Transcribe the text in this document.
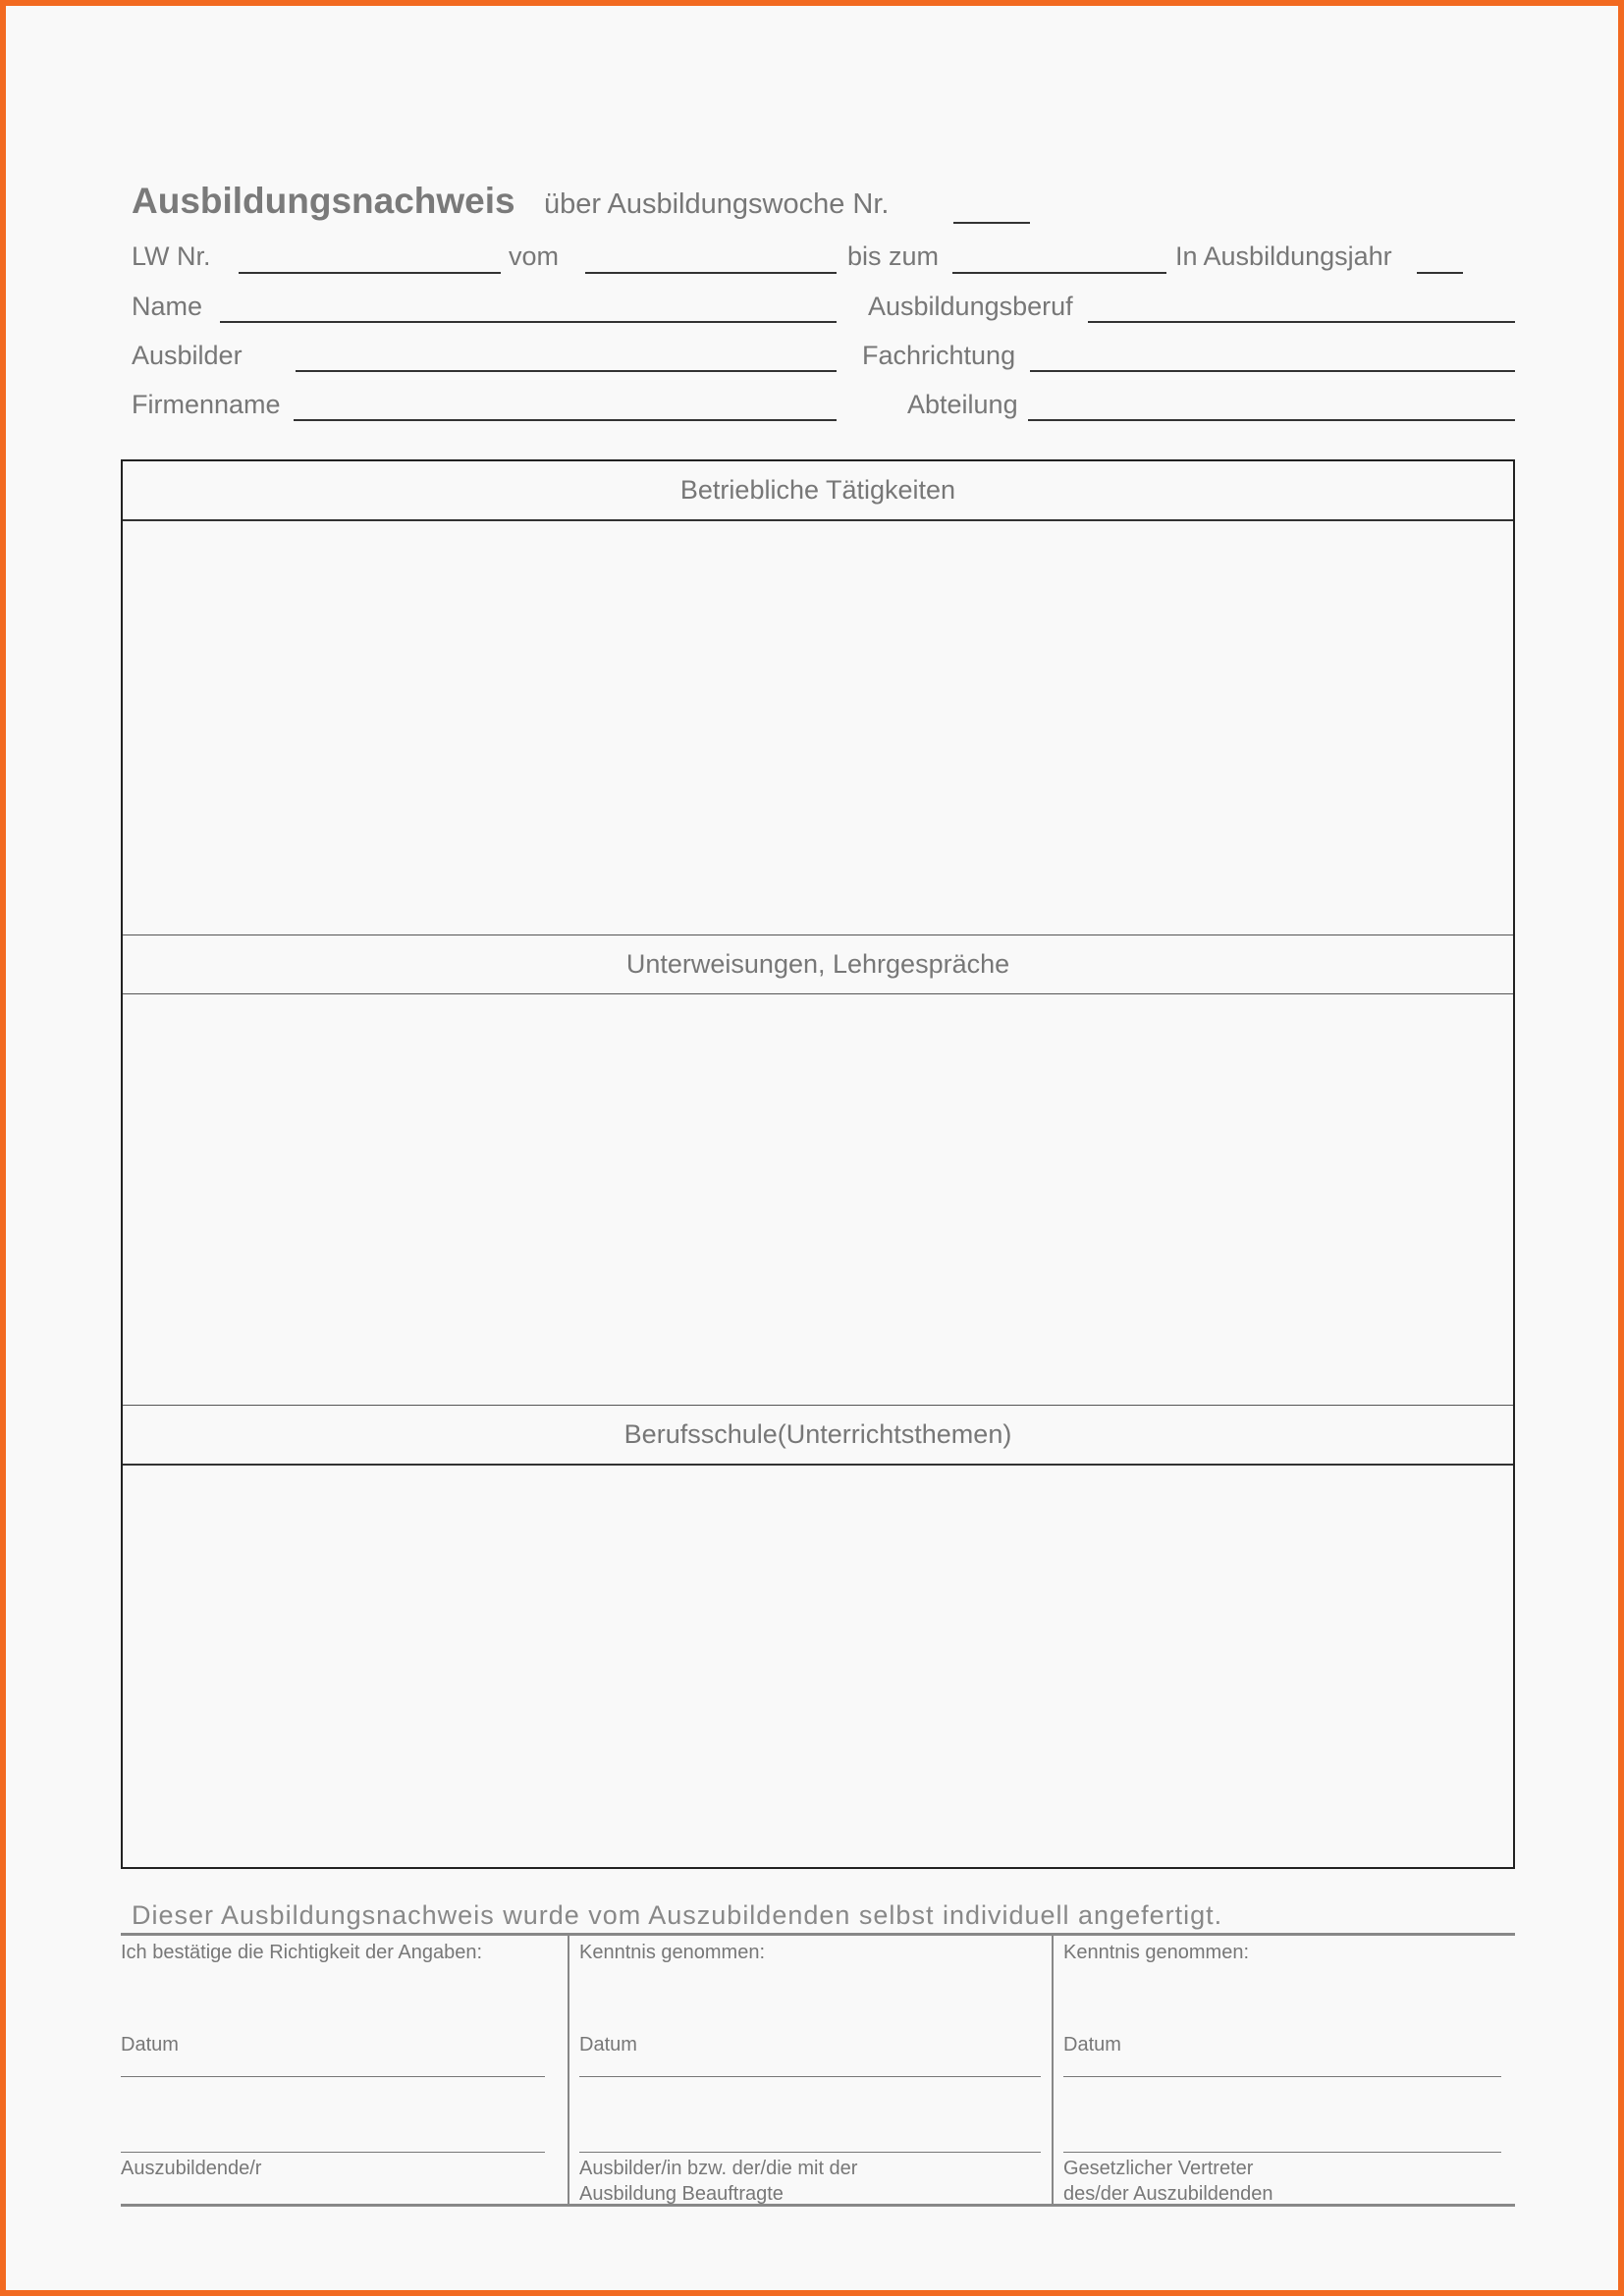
Ausbildungsnachweis über Ausbildungswoche Nr.
LW Nr.	vom	bis zum	In Ausbildungsjahr
Name	Ausbildungsberuf
Ausbilder	Fachrichtung
Firmenname	Abteilung
Betriebliche Tätigkeiten
Unterweisungen, Lehrgespräche
Berufsschule(Unterrichtsthemen)
Dieser Ausbildungsnachweis wurde vom Auszubildenden selbst individuell angefertigt.
Ich bestätige die Richtigkeit der Angaben:
Datum
Auszubildende/r
Kenntnis genommen:
Datum
Ausbilder/in bzw. der/die mit der
Ausbildung Beauftragte
Kenntnis genommen:
Datum
Gesetzlicher Vertreter
des/der Auszubildenden
